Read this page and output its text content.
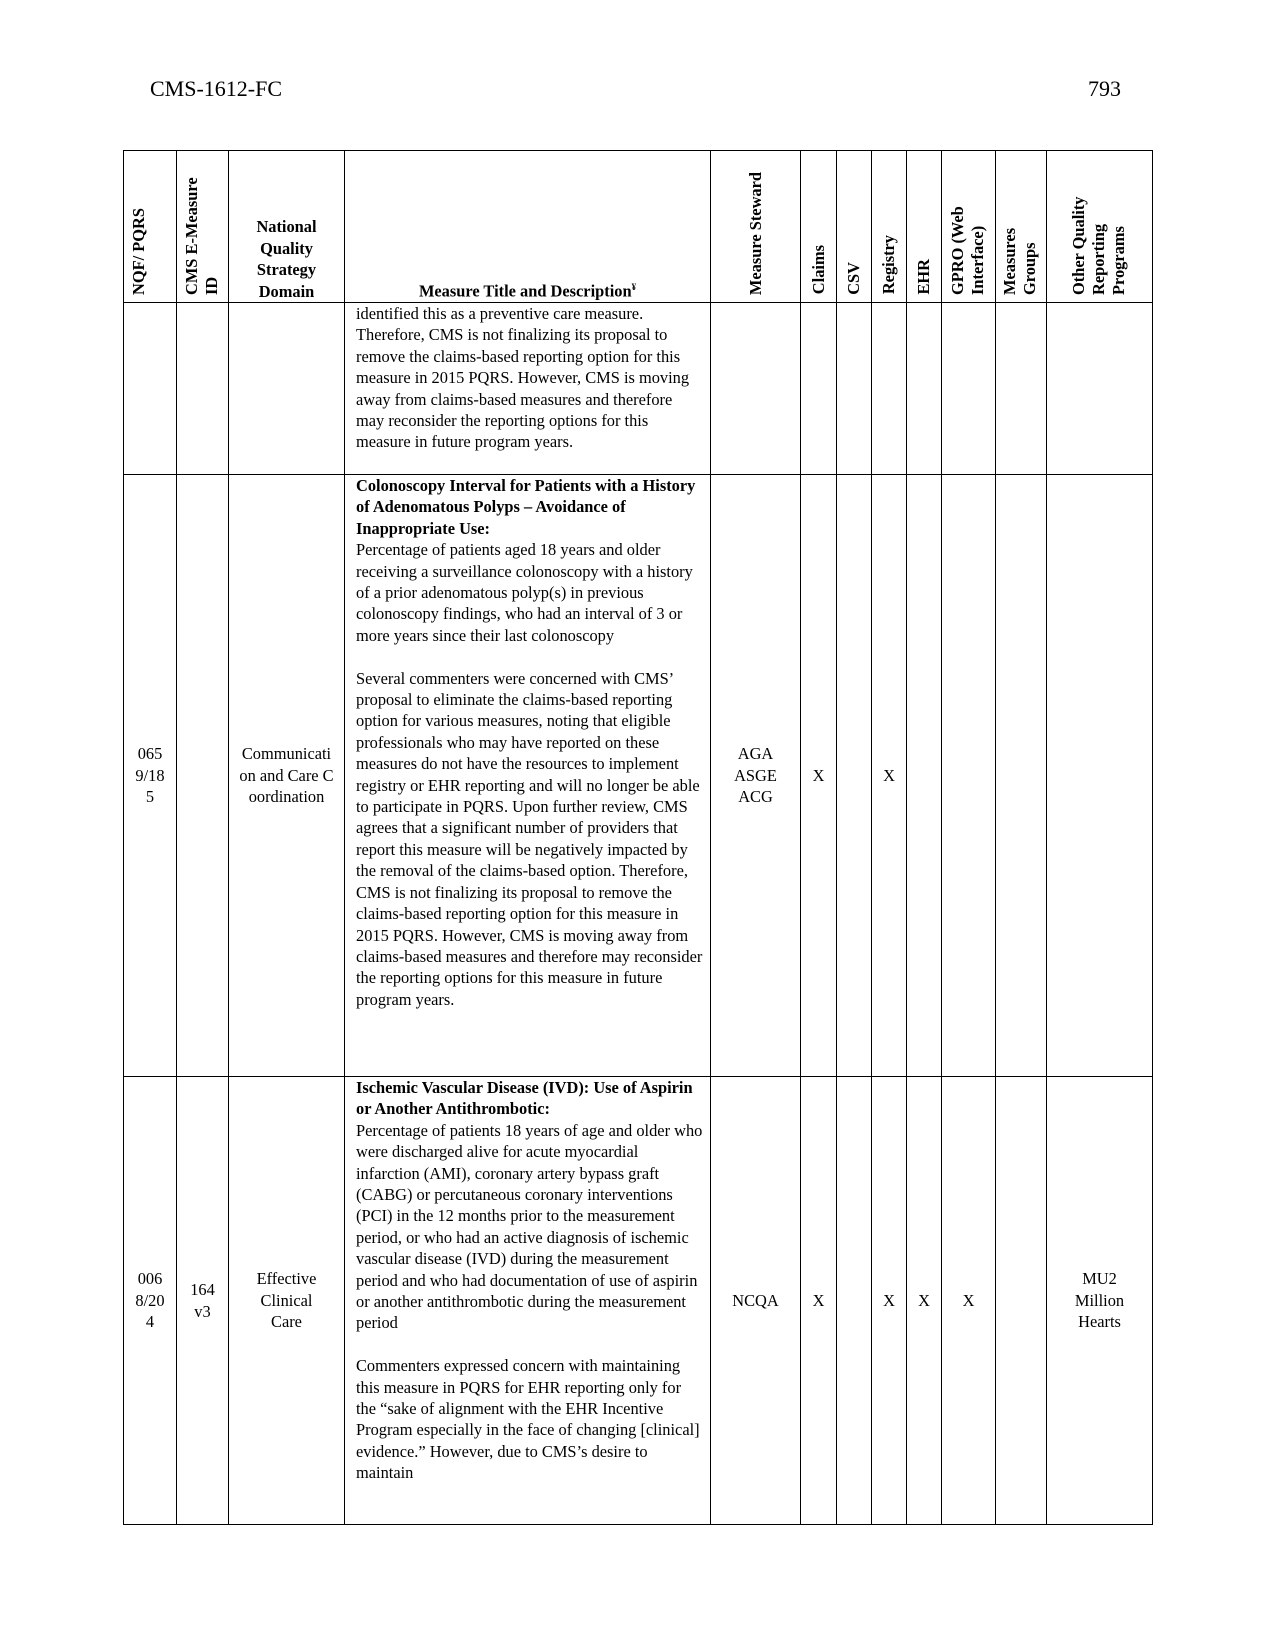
CMS-1612-FC	793
NQF/ PQRS	CMS E-Measure ID	National Quality Strategy Domain	Measure Title and Description¥	Measure Steward	Claims	CSV	Registry	EHR	GPRO (Web Interface)	Measures Groups	Other Quality Reporting Programs

			identified this as a preventive care measure. Therefore, CMS is not finalizing its proposal to remove the claims-based reporting option for this measure in 2015 PQRS. However, CMS is moving away from claims-based measures and therefore may reconsider the reporting options for this measure in future program years.								

0659/185		Communication and Care Coordination	Colonoscopy Interval for Patients with a History of Adenomatous Polyps – Avoidance of Inappropriate Use:

Percentage of patients aged 18 years and older receiving a surveillance colonoscopy with a history of a prior adenomatous polyp(s) in previous colonoscopy findings, who had an interval of 3 or more years since their last colonoscopy

Several commenters were concerned with CMS’ proposal to eliminate the claims-based reporting option for various measures, noting that eligible professionals who may have reported on these measures do not have the resources to implement registry or EHR reporting and will no longer be able to participate in PQRS. Upon further review, CMS agrees that a significant number of providers that report this measure will be negatively impacted by the removal of the claims-based option. Therefore, CMS is not finalizing its proposal to remove the claims-based reporting option for this measure in 2015 PQRS. However, CMS is moving away from claims-based measures and therefore may reconsider the reporting options for this measure in future program years.	AGA ASGE ACG	X		X				
0068/204	164v3	Effective Clinical Care	Ischemic Vascular Disease (IVD): Use of Aspirin or Another Antithrombotic:

Percentage of patients 18 years of age and older who were discharged alive for acute myocardial infarction (AMI), coronary artery bypass graft (CABG) or percutaneous coronary interventions (PCI) in the 12 months prior to the measurement period, or who had an active diagnosis of ischemic vascular disease (IVD) during the measurement period and who had documentation of use of aspirin or another antithrombotic during the measurement period

Commenters expressed concern with maintaining this measure in PQRS for EHR reporting only for the “sake of alignment with the EHR Incentive Program especially in the face of changing [clinical] evidence.” However, due to CMS’s desire to maintain	NCQA	X		X	X	X		MU2 Million Hearts
